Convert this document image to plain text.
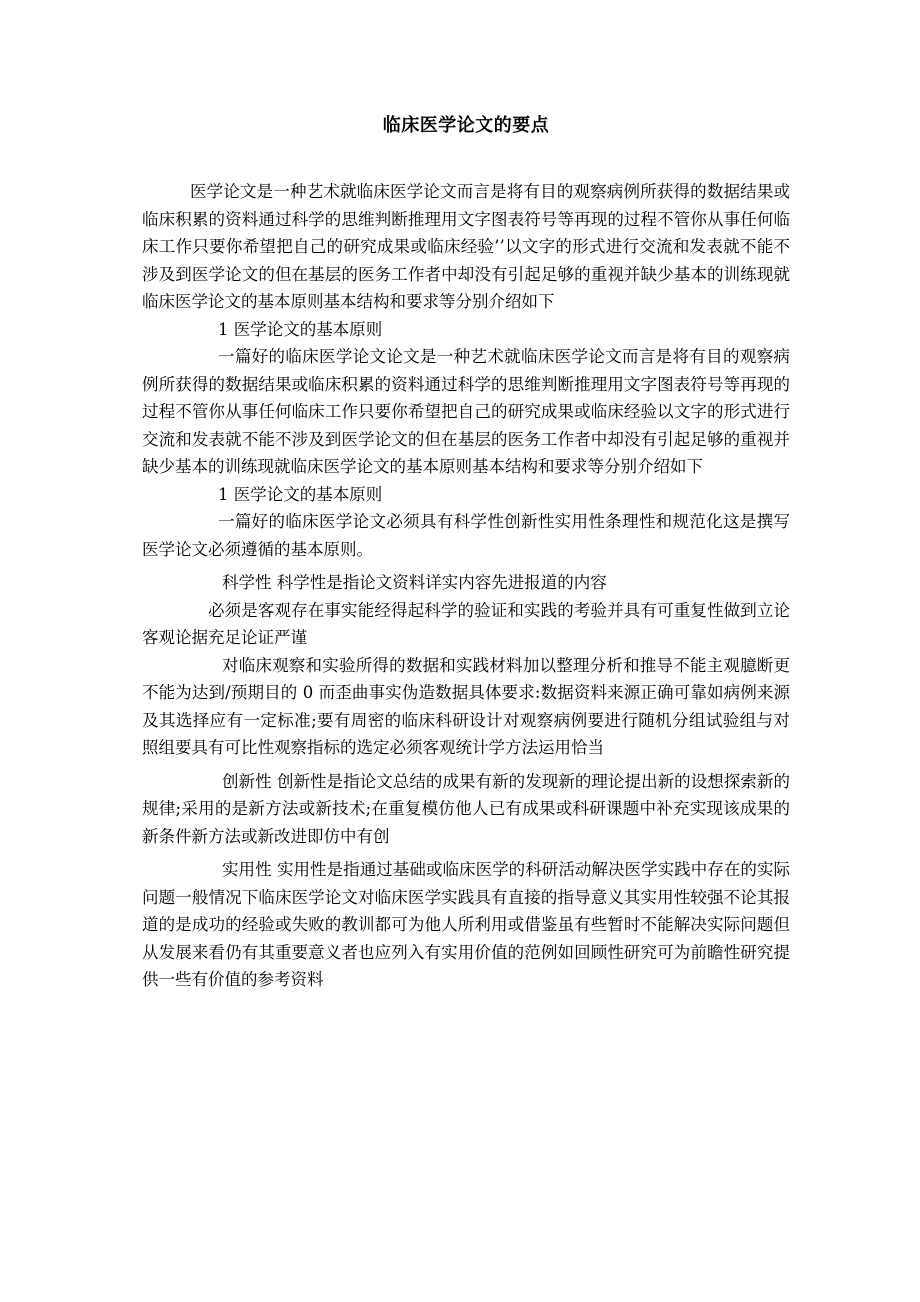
临床医学论文的要点

医学论文是一种艺术就临床医学论文而言是将有目的观察病例所获得的数据结果或临床积累的资料通过科学的思维判断推理用文字图表符号等再现的过程不管你从事任何临床工作只要你希望把自己的研究成果或临床经验’’以文字的形式进行交流和发表就不能不涉及到医学论文的但在基层的医务工作者中却没有引起足够的重视并缺少基本的训练现就临床医学论文的基本原则基本结构和要求等分别介绍如下

1 医学论文的基本原则

一篇好的临床医学论文论文是一种艺术就临床医学论文而言是将有目的观察病例所获得的数据结果或临床积累的资料通过科学的思维判断推理用文字图表符号等再现的过程不管你从事任何临床工作只要你希望把自己的研究成果或临床经验以文字的形式进行交流和发表就不能不涉及到医学论文的但在基层的医务工作者中却没有引起足够的重视并缺少基本的训练现就临床医学论文的基本原则基本结构和要求等分别介绍如下

1 医学论文的基本原则

一篇好的临床医学论文必须具有科学性创新性实用性条理性和规范化这是撰写医学论文必须遵循的基本原则。

科学性 科学性是指论文资料详实内容先进报道的内容

必须是客观存在事实能经得起科学的验证和实践的考验并具有可重复性做到立论客观论据充足论证严谨

对临床观察和实验所得的数据和实践材料加以整理分析和推导不能主观臆断更不能为达到/预期目的 0 而歪曲事实伪造数据具体要求:数据资料来源正确可靠如病例来源及其选择应有一定标准;要有周密的临床科研设计对观察病例要进行随机分组试验组与对照组要具有可比性观察指标的选定必须客观统计学方法运用恰当

创新性 创新性是指论文总结的成果有新的发现新的理论提出新的设想探索新的规律;采用的是新方法或新技术;在重复模仿他人已有成果或科研课题中补充实现该成果的新条件新方法或新改进即仿中有创

实用性 实用性是指通过基础或临床医学的科研活动解决医学实践中存在的实际问题一般情况下临床医学论文对临床医学实践具有直接的指导意义其实用性较强不论其报道的是成功的经验或失败的教训都可为他人所利用或借鉴虽有些暂时不能解决实际问题但从发展来看仍有其重要意义者也应列入有实用价值的范例如回顾性研究可为前瞻性研究提供一些有价值的参考资料
